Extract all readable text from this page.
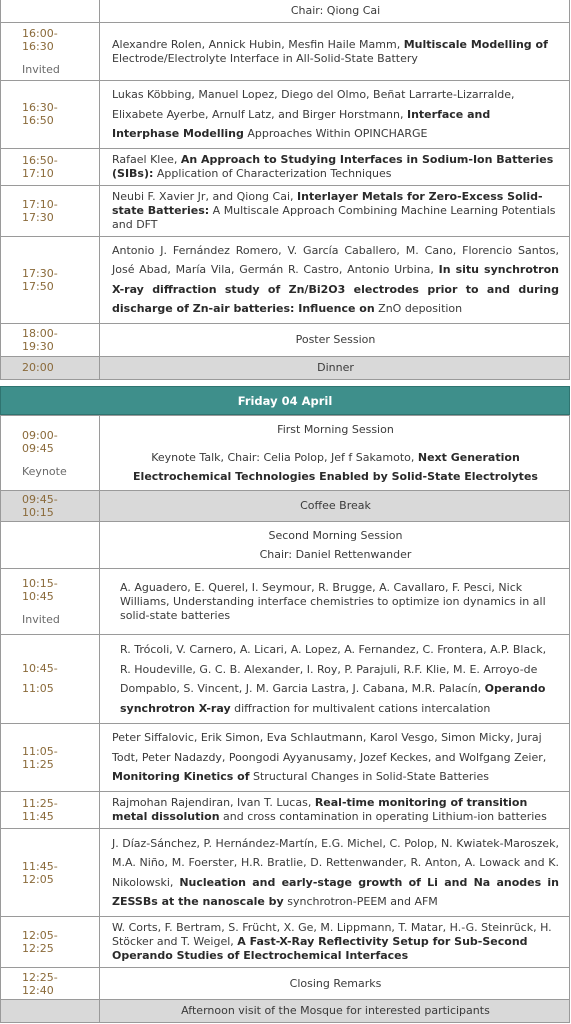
	Chair: Qiong Cai
16:00-
16:30
Invited	Alexandre Rolen, Annick Hubin, Mesfin Haile Mamm, Multiscale Modelling of Electrode/Electrolyte Interface in All-Solid-State Battery
16:30-
16:50	Lukas Köbbing, Manuel Lopez, Diego del Olmo, Beñat Larrarte-Lizarralde, Elixabete Ayerbe, Arnulf Latz, and Birger Horstmann, Interface and Interphase Modelling Approaches Within OPINCHARGE
16:50-
17:10	Rafael Klee, An Approach to Studying Interfaces in Sodium-Ion Batteries (SIBs): Application of Characterization Techniques
17:10-
17:30	Neubi F. Xavier Jr, and Qiong Cai, Interlayer Metals for Zero-Excess Solid-state Batteries: A Multiscale Approach Combining Machine Learning Potentials and DFT
17:30-
17:50	Antonio J. Fernández Romero, V. García Caballero, M. Cano, Florencio Santos, José Abad, María Vila, Germán R. Castro, Antonio Urbina, In situ synchrotron X-ray diffraction study of Zn/Bi2O3 electrodes prior to and during discharge of Zn-air batteries: Influence on ZnO deposition
18:00-
19:30	Poster Session
20:00	Dinner
Friday 04 April
09:00-
09:45
Keynote	First Morning Session
Keynote Talk, Chair: Celia Polop, Jef f Sakamoto, Next Generation Electrochemical Technologies Enabled by Solid-State Electrolytes
09:45-
10:15	Coffee Break

	Second Morning Session
Chair: Daniel Rettenwander

10:15-
10:45
Invited	A. Aguadero, E. Querel, I. Seymour, R. Brugge, A. Cavallaro, F. Pesci, Nick Williams, Understanding interface chemistries to optimize ion dynamics in all solid-state batteries
10:45-
11:05	R. Trócoli, V. Carnero, A. Licari, A. Lopez, A. Fernandez, C. Frontera, A.P. Black, R. Houdeville, G. C. B. Alexander, I. Roy, P. Parajuli, R.F. Klie, M. E. Arroyo-de Dompablo, S. Vincent, J. M. Garcia Lastra, J. Cabana, M.R. Palacín, Operando synchrotron X-ray diffraction for multivalent cations intercalation
11:05-
11:25	Peter Siffalovic, Erik Simon, Eva Schlautmann, Karol Vesgo, Simon Micky, Juraj Todt, Peter Nadazdy, Poongodi Ayyanusamy, Jozef Keckes, and Wolfgang Zeier, Monitoring Kinetics of Structural Changes in Solid-State Batteries
11:25-
11:45	Rajmohan Rajendiran, Ivan T. Lucas, Real-time monitoring of transition metal dissolution and cross contamination in operating Lithium-ion batteries
11:45-
12:05	J. Díaz-Sánchez, P. Hernández-Martín, E.G. Michel, C. Polop, N. Kwiatek-Maroszek, M.A. Niño, M. Foerster, H.R. Bratlie, D. Rettenwander, R. Anton, A. Lowack and K. Nikolowski, Nucleation and early-stage growth of Li and Na anodes in ZESSBs at the nanoscale by synchrotron-PEEM and AFM
12:05-
12:25	W. Corts, F. Bertram, S. Frücht, X. Ge, M. Lippmann, T. Matar, H.-G. Steinrück, H. Stöcker and T. Weigel, A Fast-X-Ray Reflectivity Setup for Sub-Second Operando Studies of Electrochemical Interfaces
12:25-
12:40	Closing Remarks
	Afternoon visit of the Mosque for interested participants
